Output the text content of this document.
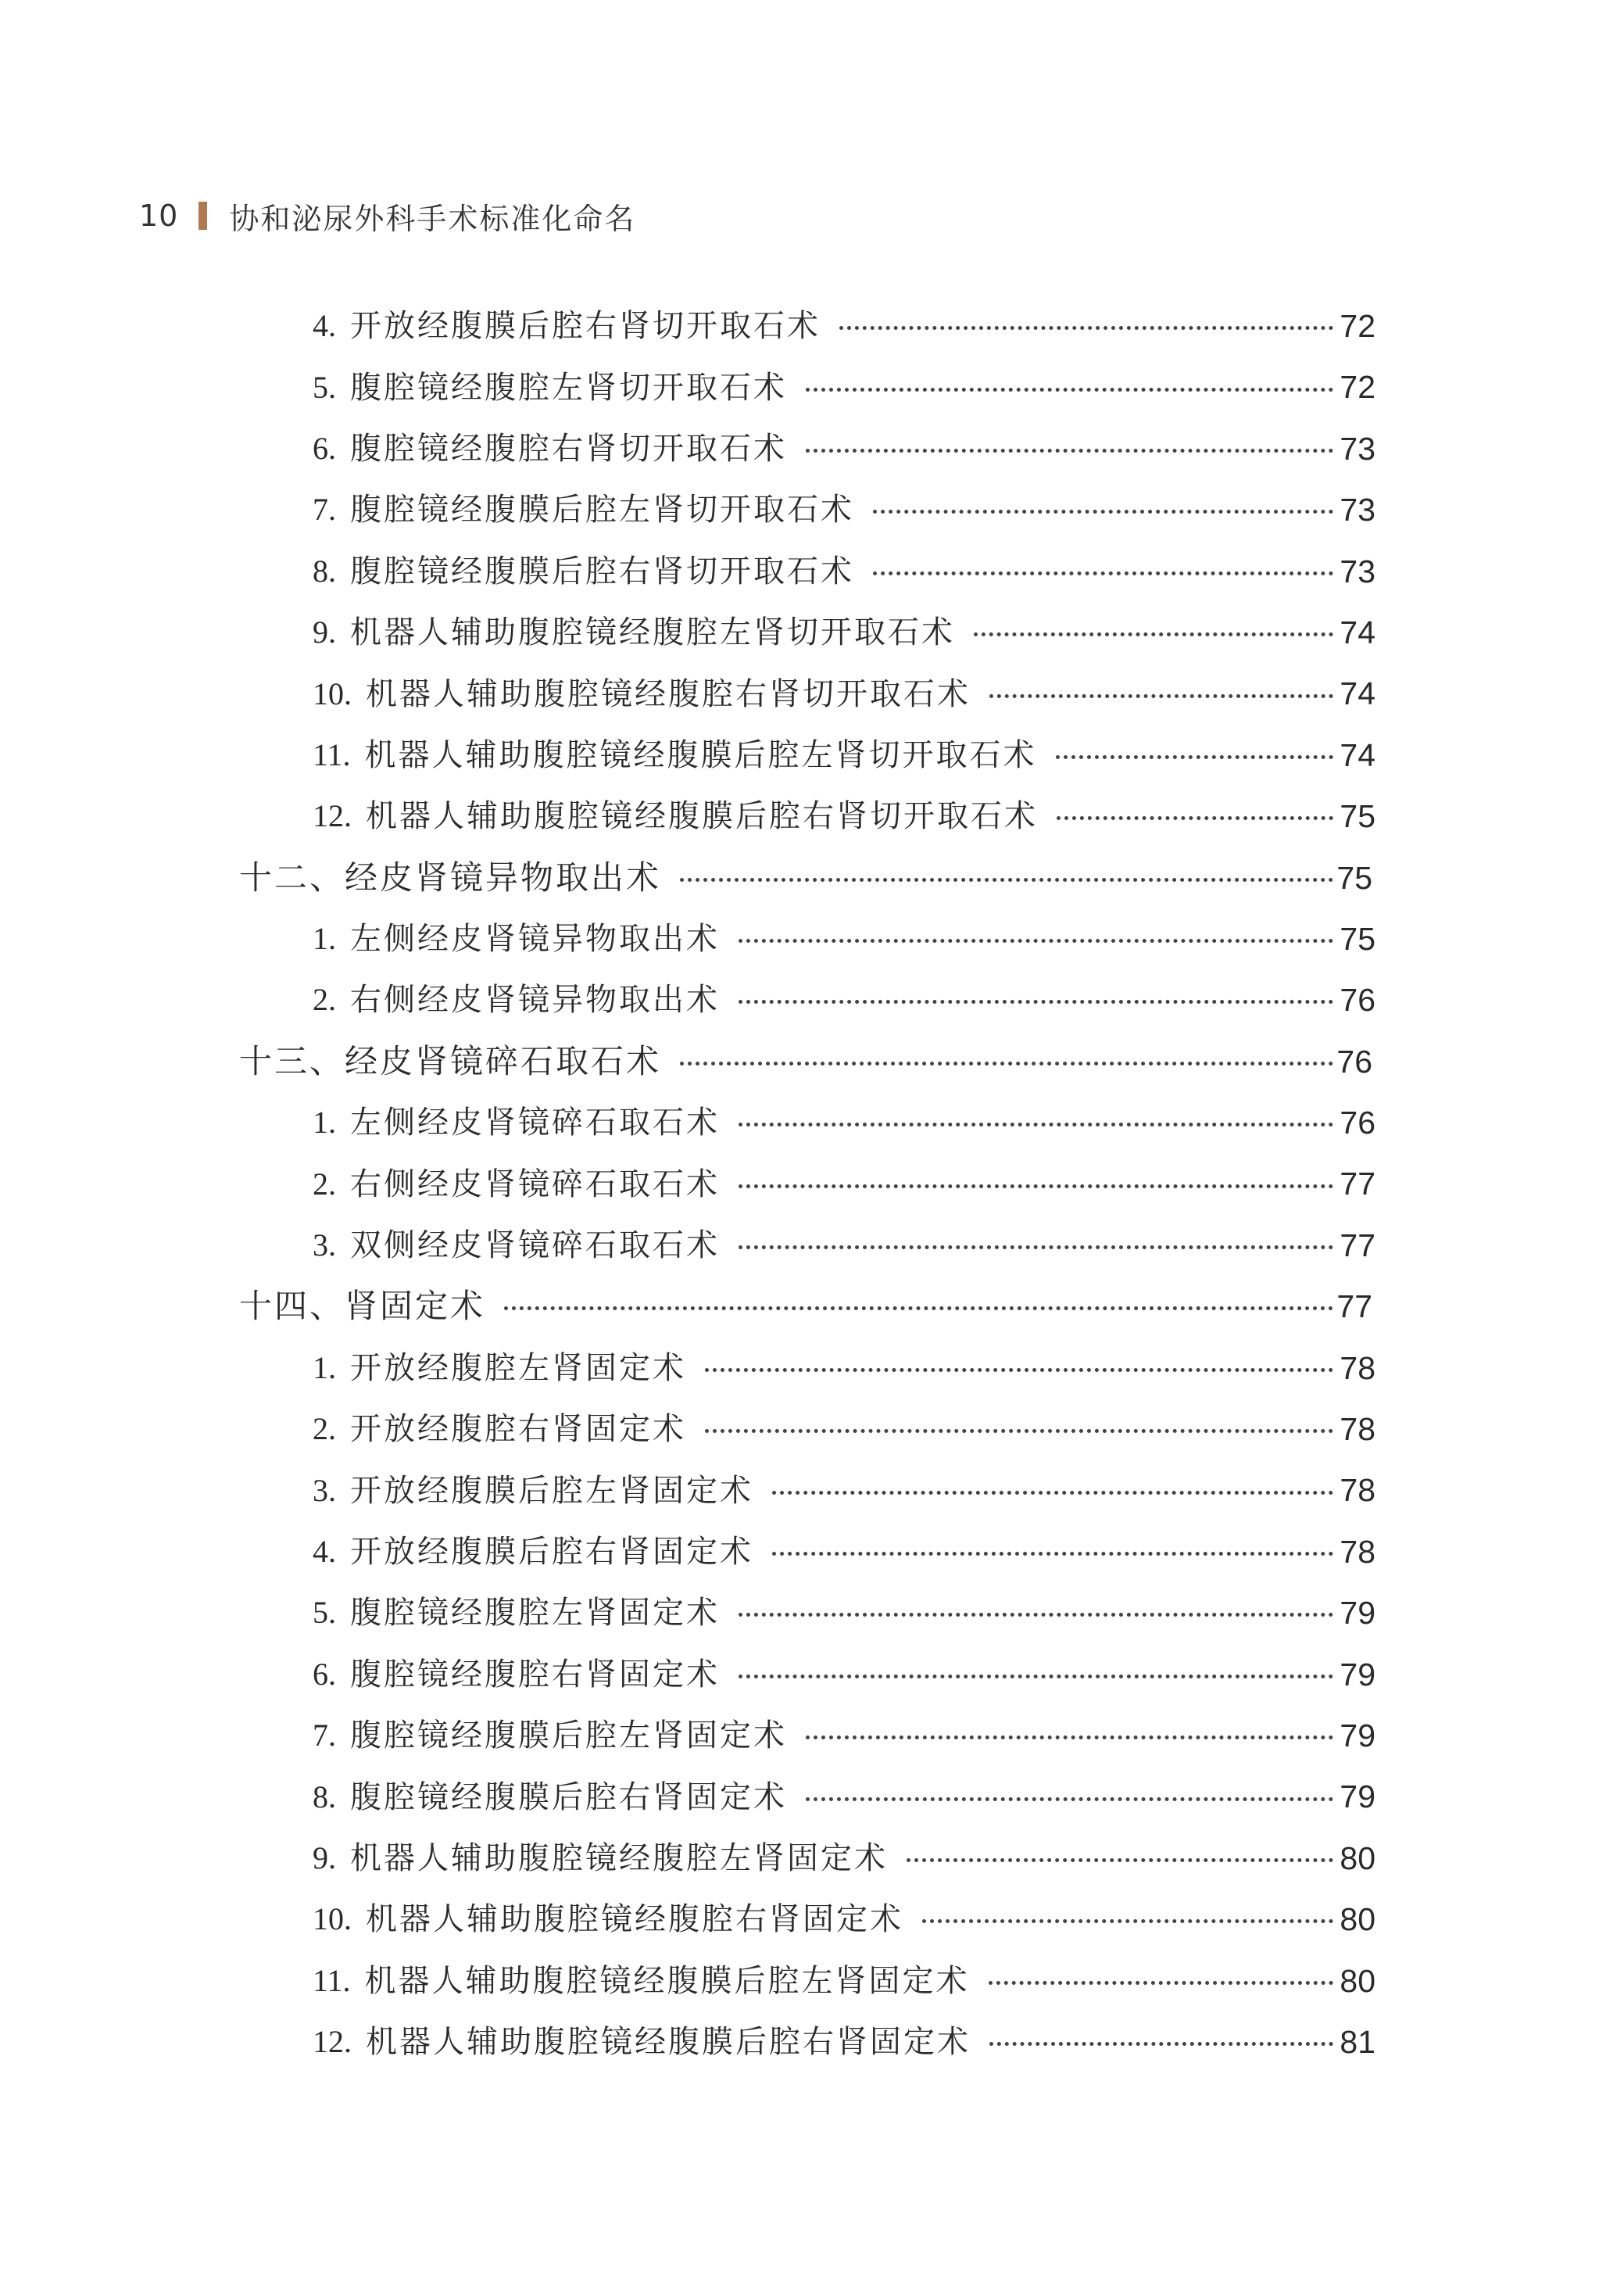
10 协和泌尿外科手术标准化命名
4. 开放经腹膜后腔右肾切开取石术	72
5. 腹腔镜经腹腔左肾切开取石术	72
6. 腹腔镜经腹腔右肾切开取石术	73
7. 腹腔镜经腹膜后腔左肾切开取石术	73
8. 腹腔镜经腹膜后腔右肾切开取石术	73
9. 机器人辅助腹腔镜经腹腔左肾切开取石术	74
10. 机器人辅助腹腔镜经腹腔右肾切开取石术	74
11. 机器人辅助腹腔镜经腹膜后腔左肾切开取石术	74
12. 机器人辅助腹腔镜经腹膜后腔右肾切开取石术	75
十二、经皮肾镜异物取出术	75
1. 左侧经皮肾镜异物取出术	75
2. 右侧经皮肾镜异物取出术	76
十三、经皮肾镜碎石取石术	76
1. 左侧经皮肾镜碎石取石术	76
2. 右侧经皮肾镜碎石取石术	77
3. 双侧经皮肾镜碎石取石术	77
十四、肾固定术	77
1. 开放经腹腔左肾固定术	78
2. 开放经腹腔右肾固定术	78
3. 开放经腹膜后腔左肾固定术	78
4. 开放经腹膜后腔右肾固定术	78
5. 腹腔镜经腹腔左肾固定术	79
6. 腹腔镜经腹腔右肾固定术	79
7. 腹腔镜经腹膜后腔左肾固定术	79
8. 腹腔镜经腹膜后腔右肾固定术	79
9. 机器人辅助腹腔镜经腹腔左肾固定术	80
10. 机器人辅助腹腔镜经腹腔右肾固定术	80
11. 机器人辅助腹腔镜经腹膜后腔左肾固定术	80
12. 机器人辅助腹腔镜经腹膜后腔右肾固定术	81
